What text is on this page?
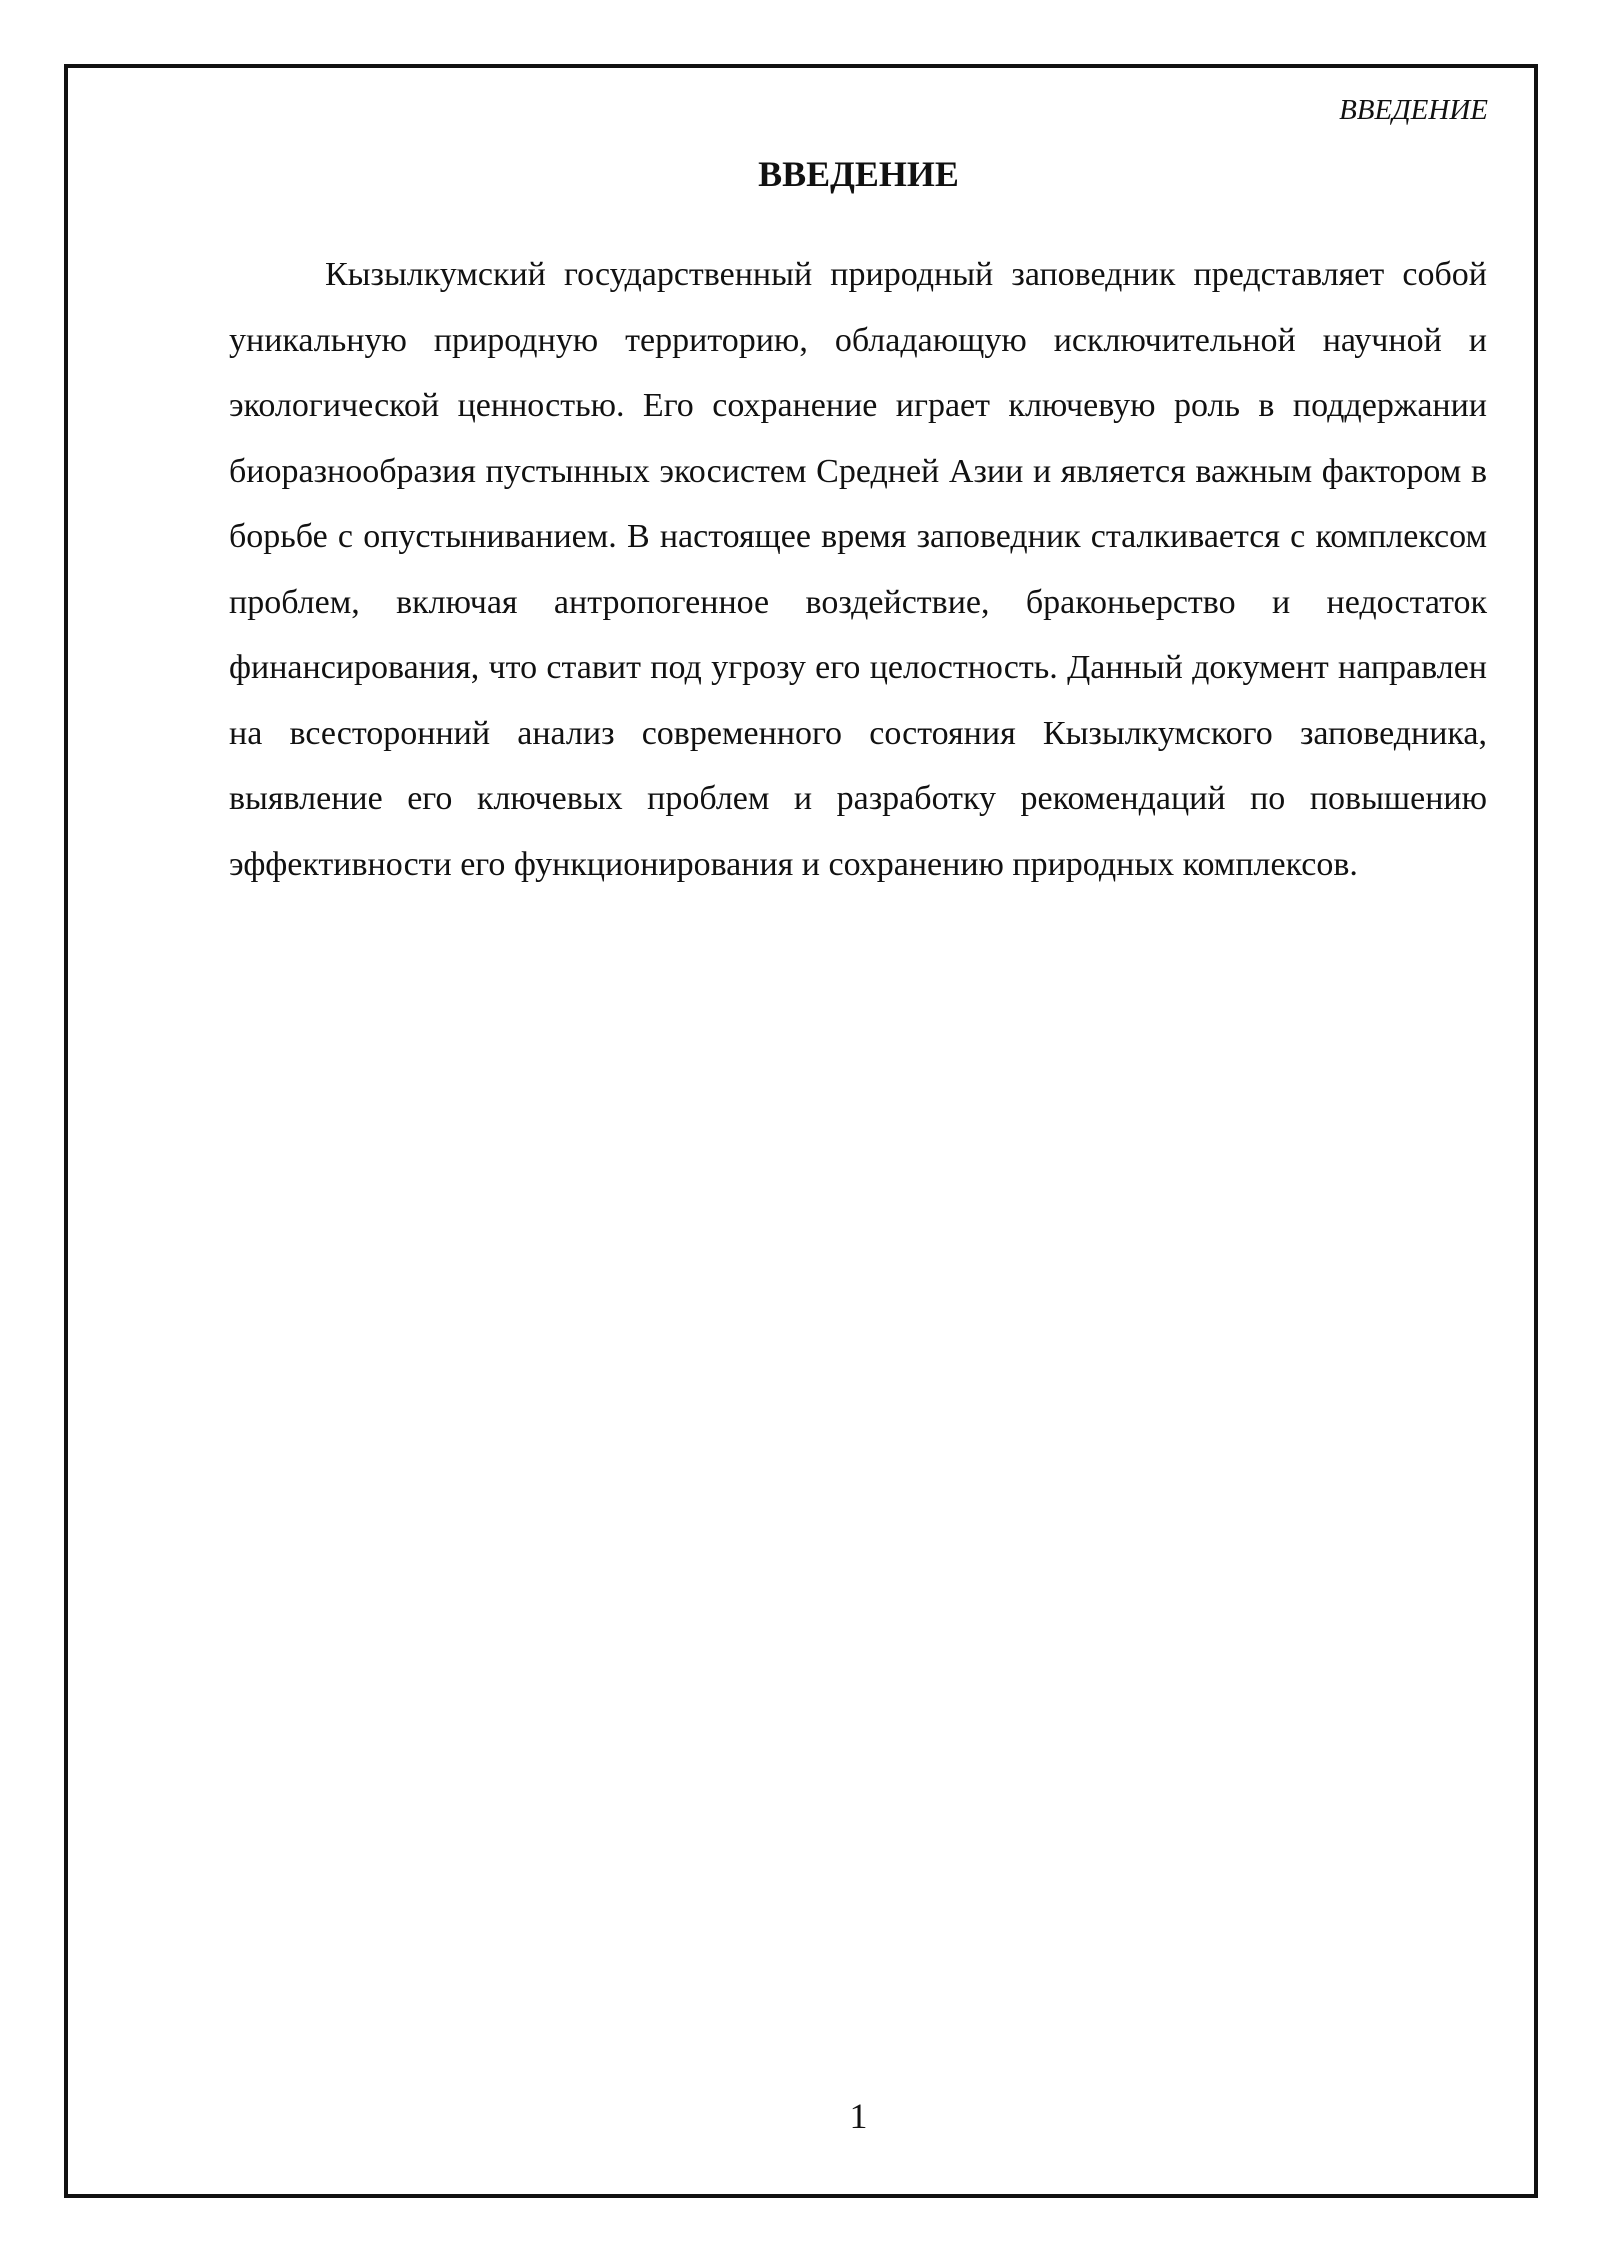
ВВЕДЕНИЕ
ВВЕДЕНИЕ

Кызылкумский государственный природный заповедник представляет собой уникальную природную территорию, обладающую исключительной научной и экологической ценностью. Его сохранение играет ключевую роль в поддержании биоразнообразия пустынных экосистем Средней Азии и является важным фактором в борьбе с опустыниванием. В настоящее время заповедник сталкивается с комплексом проблем, включая антропогенное воздействие, браконьерство и недостаток финансирования, что ставит под угрозу его целостность. Данный документ направлен на всесторонний анализ современного состояния Кызылкумского заповедника, выявление его ключевых проблем и разработку рекомендаций по повышению эффективности его функционирования и сохранению природных комплексов.

1
